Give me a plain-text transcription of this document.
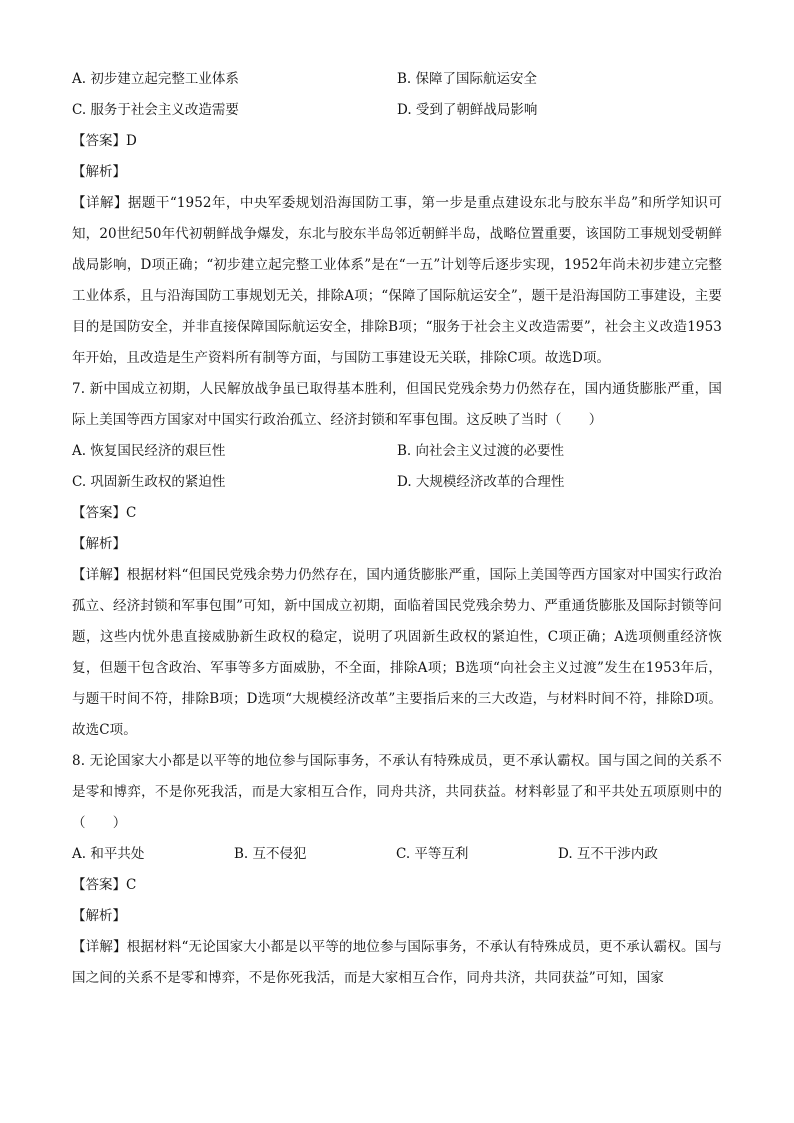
A. 初步建立起完整工业体系	B. 保障了国际航运安全
C. 服务于社会主义改造需要	D. 受到了朝鲜战局影响
【答案】D
【解析】
【详解】据题干“1952年，中央军委规划沿海国防工事，第一步是重点建设东北与胶东半岛”和所学知识可知，20世纪50年代初朝鲜战争爆发，东北与胶东半岛邻近朝鲜半岛，战略位置重要，该国防工事规划受朝鲜战局影响，D项正确；“初步建立起完整工业体系”是在“一五”计划等后逐步实现，1952年尚未初步建立完整工业体系，且与沿海国防工事规划无关，排除A项；“保障了国际航运安全”，题干是沿海国防工事建设，主要目的是国防安全，并非直接保障国际航运安全，排除B项；“服务于社会主义改造需要”，社会主义改造1953年开始，且改造是生产资料所有制等方面，与国防工事建设无关联，排除C项。故选D项。
7. 新中国成立初期，人民解放战争虽已取得基本胜利，但国民党残余势力仍然存在，国内通货膨胀严重，国际上美国等西方国家对中国实行政治孤立、经济封锁和军事包围。这反映了当时（　　）
A. 恢复国民经济的艰巨性	B. 向社会主义过渡的必要性
C. 巩固新生政权的紧迫性	D. 大规模经济改革的合理性
【答案】C
【解析】
【详解】根据材料“但国民党残余势力仍然存在，国内通货膨胀严重，国际上美国等西方国家对中国实行政治孤立、经济封锁和军事包围”可知，新中国成立初期，面临着国民党残余势力、严重通货膨胀及国际封锁等问题，这些内忧外患直接威胁新生政权的稳定，说明了巩固新生政权的紧迫性，C项正确；A选项侧重经济恢复，但题干包含政治、军事等多方面威胁，不全面，排除A项；B选项“向社会主义过渡”发生在1953年后，与题干时间不符，排除B项；D选项“大规模经济改革”主要指后来的三大改造，与材料时间不符，排除D项。故选C项。
8. 无论国家大小都是以平等的地位参与国际事务，不承认有特殊成员，更不承认霸权。国与国之间的关系不是零和博弈，不是你死我活，而是大家相互合作，同舟共济，共同获益。材料彰显了和平共处五项原则中的（　　）
A. 和平共处	B. 互不侵犯	C. 平等互利	D. 互不干涉内政
【答案】C
【解析】
【详解】根据材料“无论国家大小都是以平等的地位参与国际事务，不承认有特殊成员，更不承认霸权。国与国之间的关系不是零和博弈，不是你死我活，而是大家相互合作，同舟共济，共同获益”可知，国家
